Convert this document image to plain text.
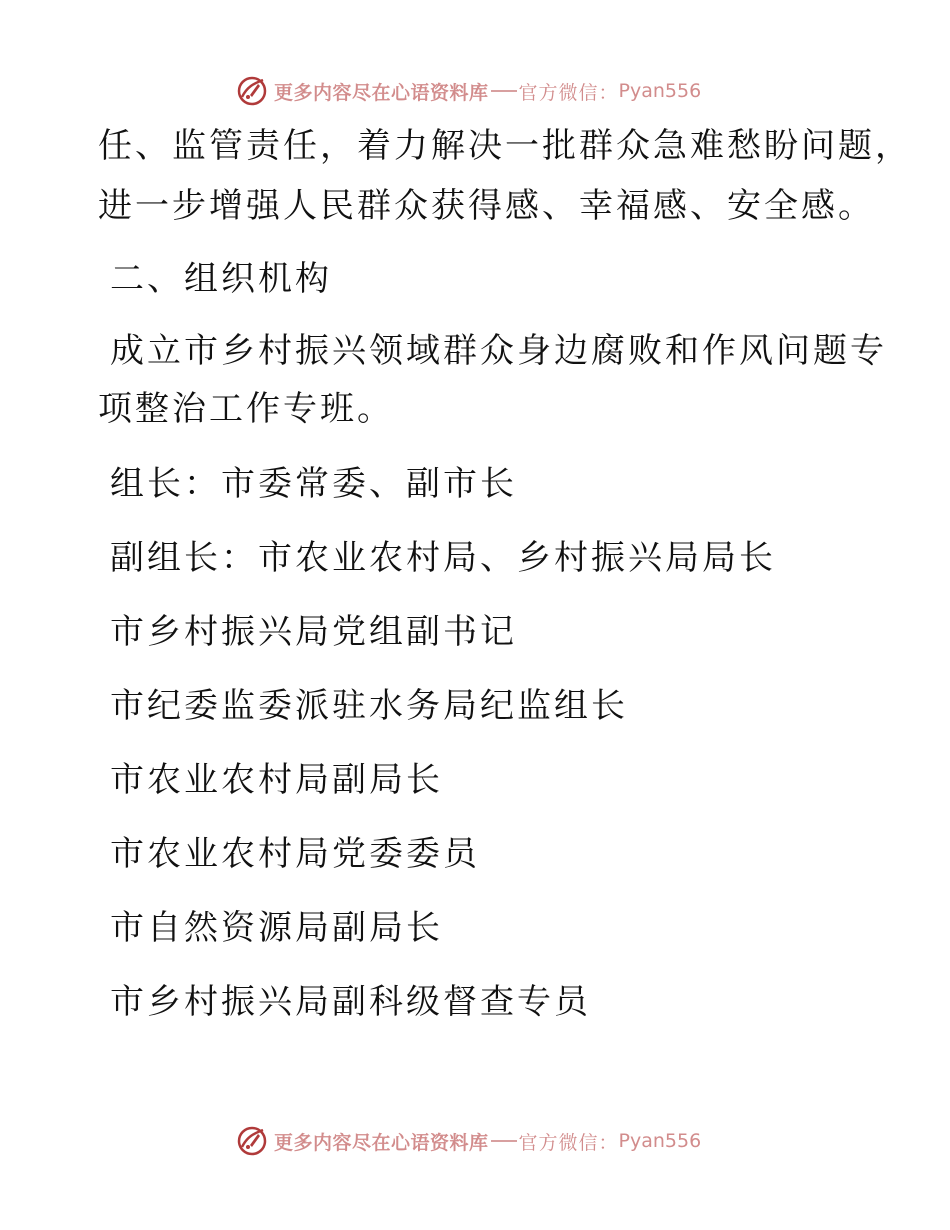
更多内容尽在心语资料库 官方微信： Pyan556
任、监管责任，着力解决一批群众急难愁盼问题，
进一步增强人民群众获得感、幸福感、安全感。
二、组织机构
成立市乡村振兴领域群众身边腐败和作风问题专
项整治工作专班。
组长：市委常委、副市长
副组长：市农业农村局、乡村振兴局局长
市乡村振兴局党组副书记
市纪委监委派驻水务局纪监组长
市农业农村局副局长
市农业农村局党委委员
市自然资源局副局长
市乡村振兴局副科级督查专员
更多内容尽在心语资料库 官方微信： Pyan556
